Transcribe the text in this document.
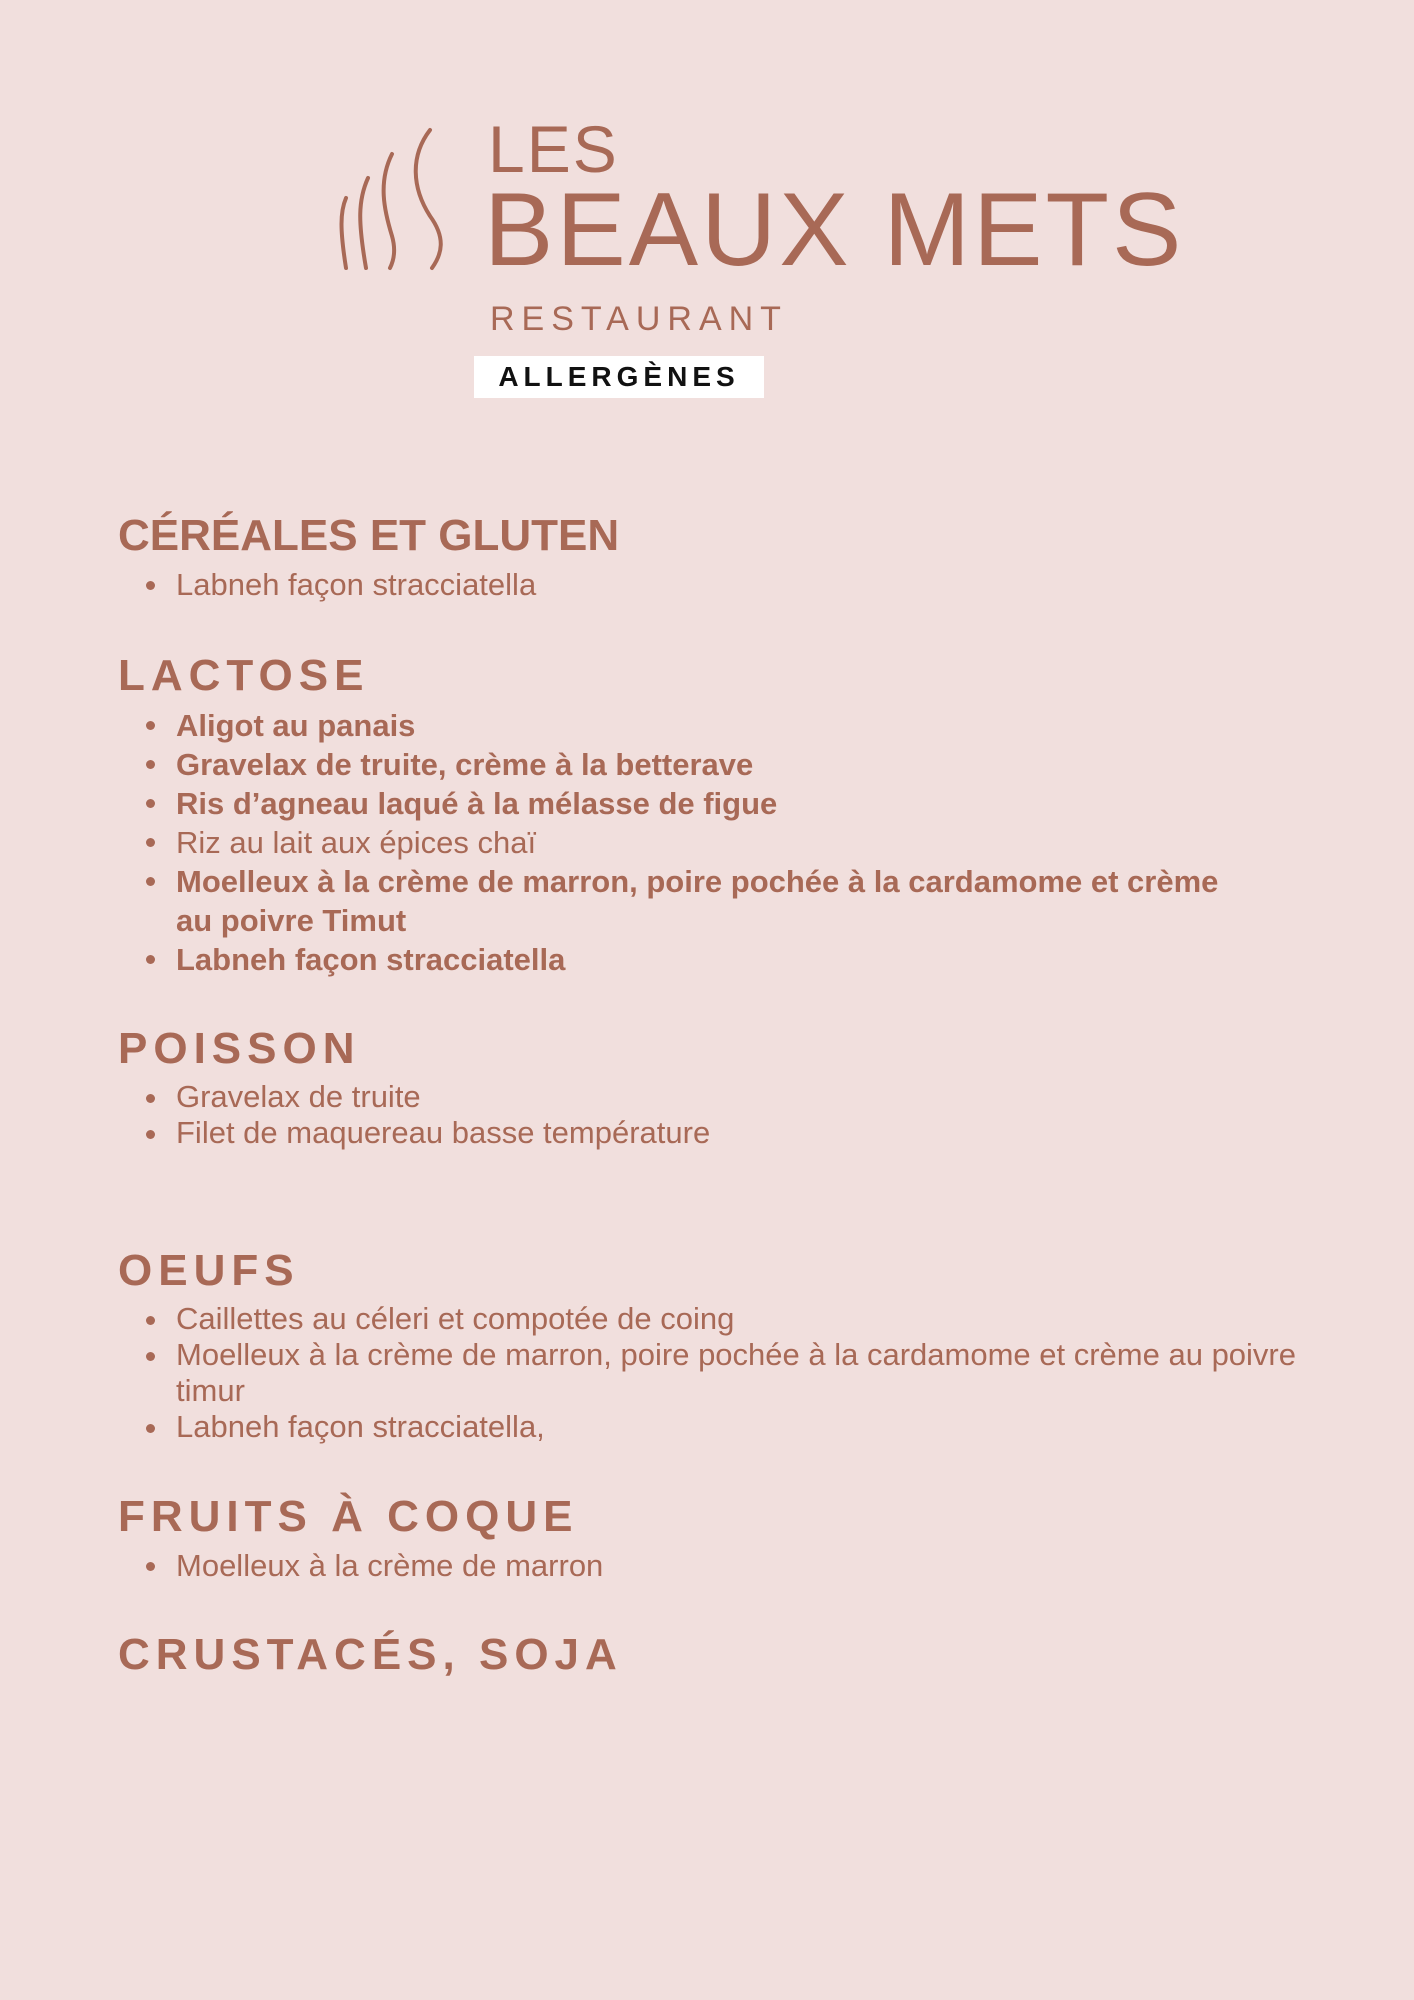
LES
BEAUX METS
RESTAURANT
ALLERGÈNES
CÉRÉALES ET GLUTEN
Labneh façon stracciatella
LACTOSE
Aligot au panais
Gravelax de truite, crème à la betterave
Ris d’agneau laqué à la mélasse de figue
Riz au lait aux épices chaï
Moelleux à la crème de marron, poire pochée à la cardamome et crème au poivre Timut
Labneh façon stracciatella
POISSON
Gravelax de truite
Filet de maquereau basse température
OEUFS
Caillettes au céleri et compotée de coing
Moelleux à la crème de marron, poire pochée à la cardamome et crème au poivre timur
Labneh façon stracciatella,
FRUITS À COQUE
Moelleux à la crème de marron
CRUSTACÉS, SOJA
